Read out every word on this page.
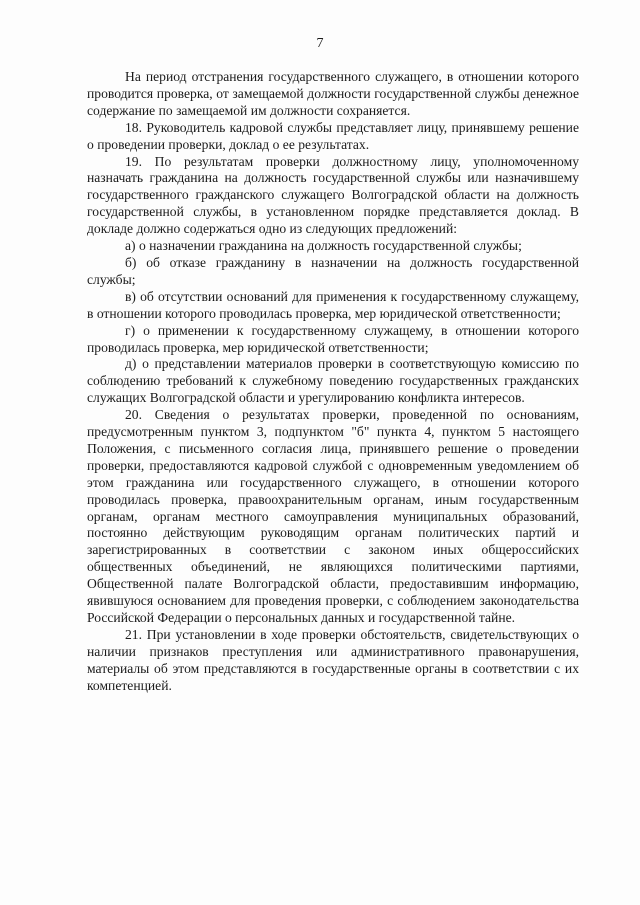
7

На период отстранения государственного служащего, в отношении которого проводится проверка, от замещаемой должности государственной службы денежное содержание по замещаемой им должности сохраняется.

18. Руководитель кадровой службы представляет лицу, принявшему решение о проведении проверки, доклад о ее результатах.

19. По результатам проверки должностному лицу, уполномоченному назначать гражданина на должность государственной службы или назначившему государственного гражданского служащего Волгоградской области на должность государственной службы, в установленном порядке представляется доклад. В докладе должно содержаться одно из следующих предложений:

а) о назначении гражданина на должность государственной службы;

б) об отказе гражданину в назначении на должность государственной службы;

в) об отсутствии оснований для применения к государственному служащему, в отношении которого проводилась проверка, мер юридической ответственности;

г) о применении к государственному служащему, в отношении которого проводилась проверка, мер юридической ответственности;

д) о представлении материалов проверки в соответствующую комиссию по соблюдению требований к служебному поведению государственных гражданских служащих Волгоградской области и урегулированию конфликта интересов.

20. Сведения о результатах проверки, проведенной по основаниям, предусмотренным пунктом 3, подпунктом "б" пункта 4, пунктом 5 настоящего Положения, с письменного согласия лица, принявшего решение о проведении проверки, предоставляются кадровой службой с одновременным уведомлением об этом гражданина или государственного служащего, в отношении которого проводилась проверка, правоохранительным органам, иным государственным органам, органам местного самоуправления муниципальных образований, постоянно действующим руководящим органам политических партий и зарегистрированных в соответствии с законом иных общероссийских общественных объединений, не являющихся политическими партиями, Общественной палате Волгоградской области, предоставившим информацию, явившуюся основанием для проведения проверки, с соблюдением законодательства Российской Федерации о персональных данных и государственной тайне.

21. При установлении в ходе проверки обстоятельств, свидетельствующих о наличии признаков преступления или административного правонарушения, материалы об этом представляются в государственные органы в соответствии с их компетенцией.
